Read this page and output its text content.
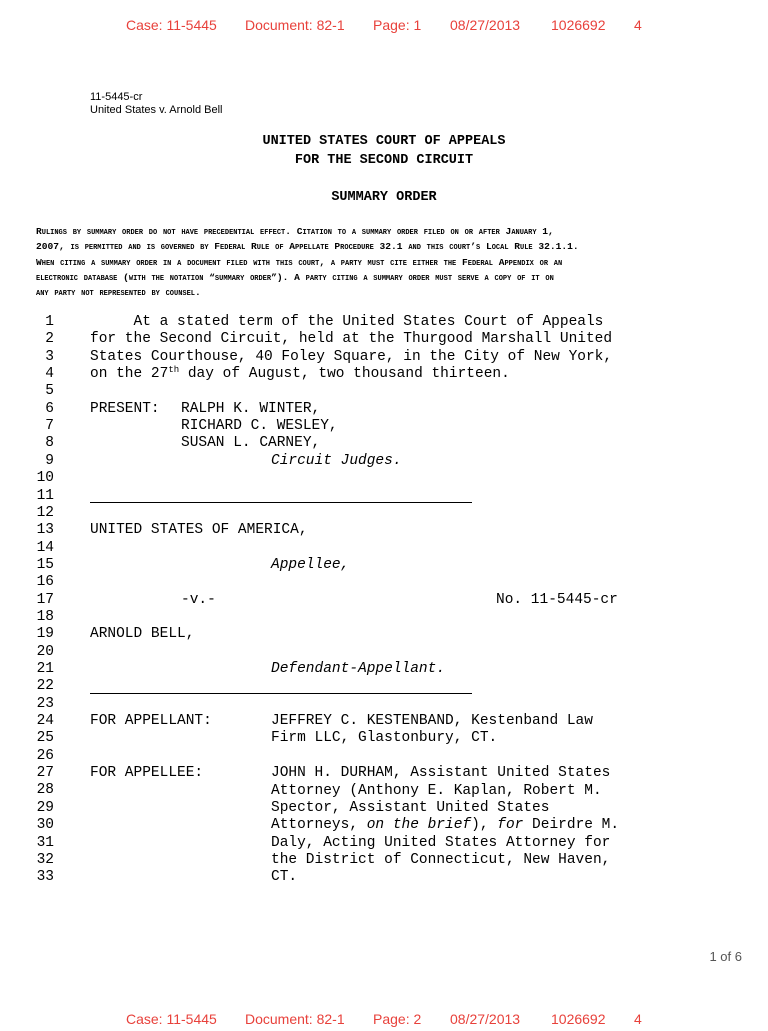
Case: 11-5445 Document: 82-1 Page: 1 08/27/2013 1026692 4
11-5445-cr
United States v. Arnold Bell
UNITED STATES COURT OF APPEALS
FOR THE SECOND CIRCUIT
SUMMARY ORDER
Rulings by summary order do not have precedential effect. Citation to a summary order filed on or after January 1,
2007, is permitted and is governed by Federal Rule of Appellate Procedure 32.1 and this court’s Local Rule 32.1.1.
When citing a summary order in a document filed with this court, a party must cite either the Federal Appendix or an
electronic database (with the notation “summary order”). A party citing a summary order must serve a copy of it on
any party not represented by counsel.
1
2
3
4
5
6
7
8
9
10
11
12
13
14
15
16
17
18
19
20
21
22
23
24
25
26
27
28
29
30
31
32
33
At a stated term of the United States Court of Appeals
for the Second Circuit, held at the Thurgood Marshall United
States Courthouse, 40 Foley Square, in the City of New York,
on the 27th day of August, two thousand thirteen.
PRESENT: RALPH K. WINTER,
RICHARD C. WESLEY,
SUSAN L. CARNEY,
Circuit Judges.
UNITED STATES OF AMERICA,
Appellee,
-v.-	No. 11-5445-cr
ARNOLD BELL,
Defendant-Appellant.
FOR APPELLANT:	JEFFREY C. KESTENBAND, Kestenband Law
Firm LLC, Glastonbury, CT.
FOR APPELLEE:	JOHN H. DURHAM, Assistant United States
Attorney (Anthony E. Kaplan, Robert M.
Spector, Assistant United States
Attorneys, on the brief), for Deirdre M.
Daly, Acting United States Attorney for
the District of Connecticut, New Haven,
CT.
1 of 6
Case: 11-5445 Document: 82-1 Page: 2 08/27/2013 1026692 4
